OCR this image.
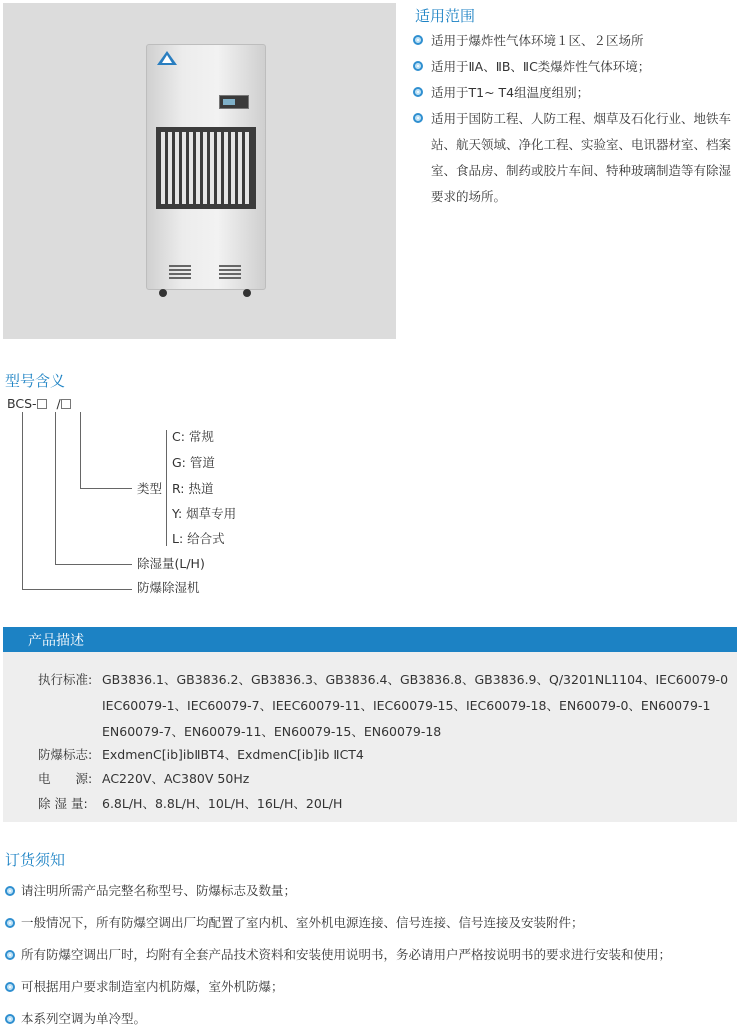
适用范围
适用于爆炸性气体环境１区、２区场所
适用于ⅡA、ⅡB、ⅡC类爆炸性气体环境；
适用于T1~ T4组温度组别；
适用于国防工程、人防工程、烟草及石化行业、地铁车
站、航天领域、净化工程、实验室、电讯器材室、档案
室、食品房、制药或胶片车间、特种玻璃制造等有除湿
要求的场所。
型号含义
BCS- /
类型
C: 常规
G: 管道
R: 热道
Y: 烟草专用
L: 给合式
除湿量(L/H)
防爆除湿机
产品描述
执行标准: GB3836.1、GB3836.2、GB3836.3、GB3836.4、GB3836.8、GB3836.9、Q/3201NL1104、IEC60079-0
IEC60079-1、IEC60079-7、IEEC60079-11、IEC60079-15、IEC60079-18、EN60079-0、EN60079-1
EN60079-7、EN60079-11、EN60079-15、EN60079-18
防爆标志: ExdmenC[ib]ibⅡBT4、ExdmenC[ib]ib ⅡCT4
电　　源: AC220V、AC380V 50Hz
除 湿 量: 6.8L/H、8.8L/H、10L/H、16L/H、20L/H
订货须知
请注明所需产品完整名称型号、防爆标志及数量；
一般情况下，所有防爆空调出厂均配置了室内机、室外机电源连接、信号连接、信号连接及安装附件；
所有防爆空调出厂时，均附有全套产品技术资料和安装使用说明书，务必请用户严格按说明书的要求进行安装和使用；
可根据用户要求制造室内机防爆，室外机防爆；
本系列空调为单冷型。
